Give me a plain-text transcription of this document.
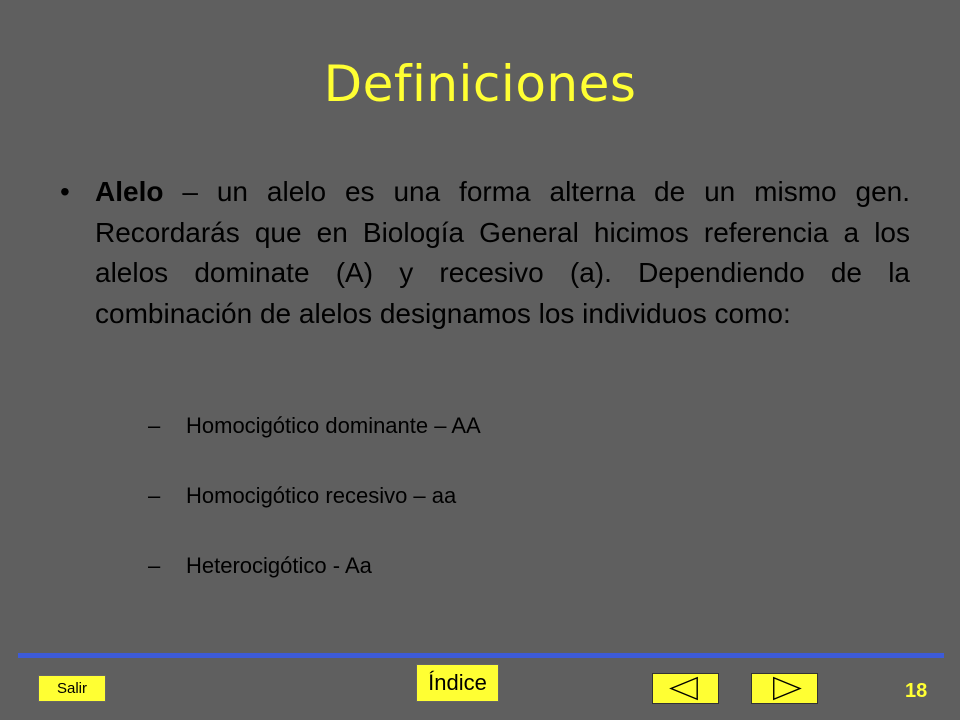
Definiciones
• Alelo – un alelo es una forma alterna de un mismo gen. Recordarás que en Biología General hicimos referencia a los alelos dominate (A) y recesivo (a). Dependiendo de la combinación de alelos designamos los individuos como:
– Homocigótico dominante – AA
– Homocigótico recesivo – aa
– Heterocigótico - Aa
Salir	Índice	18
